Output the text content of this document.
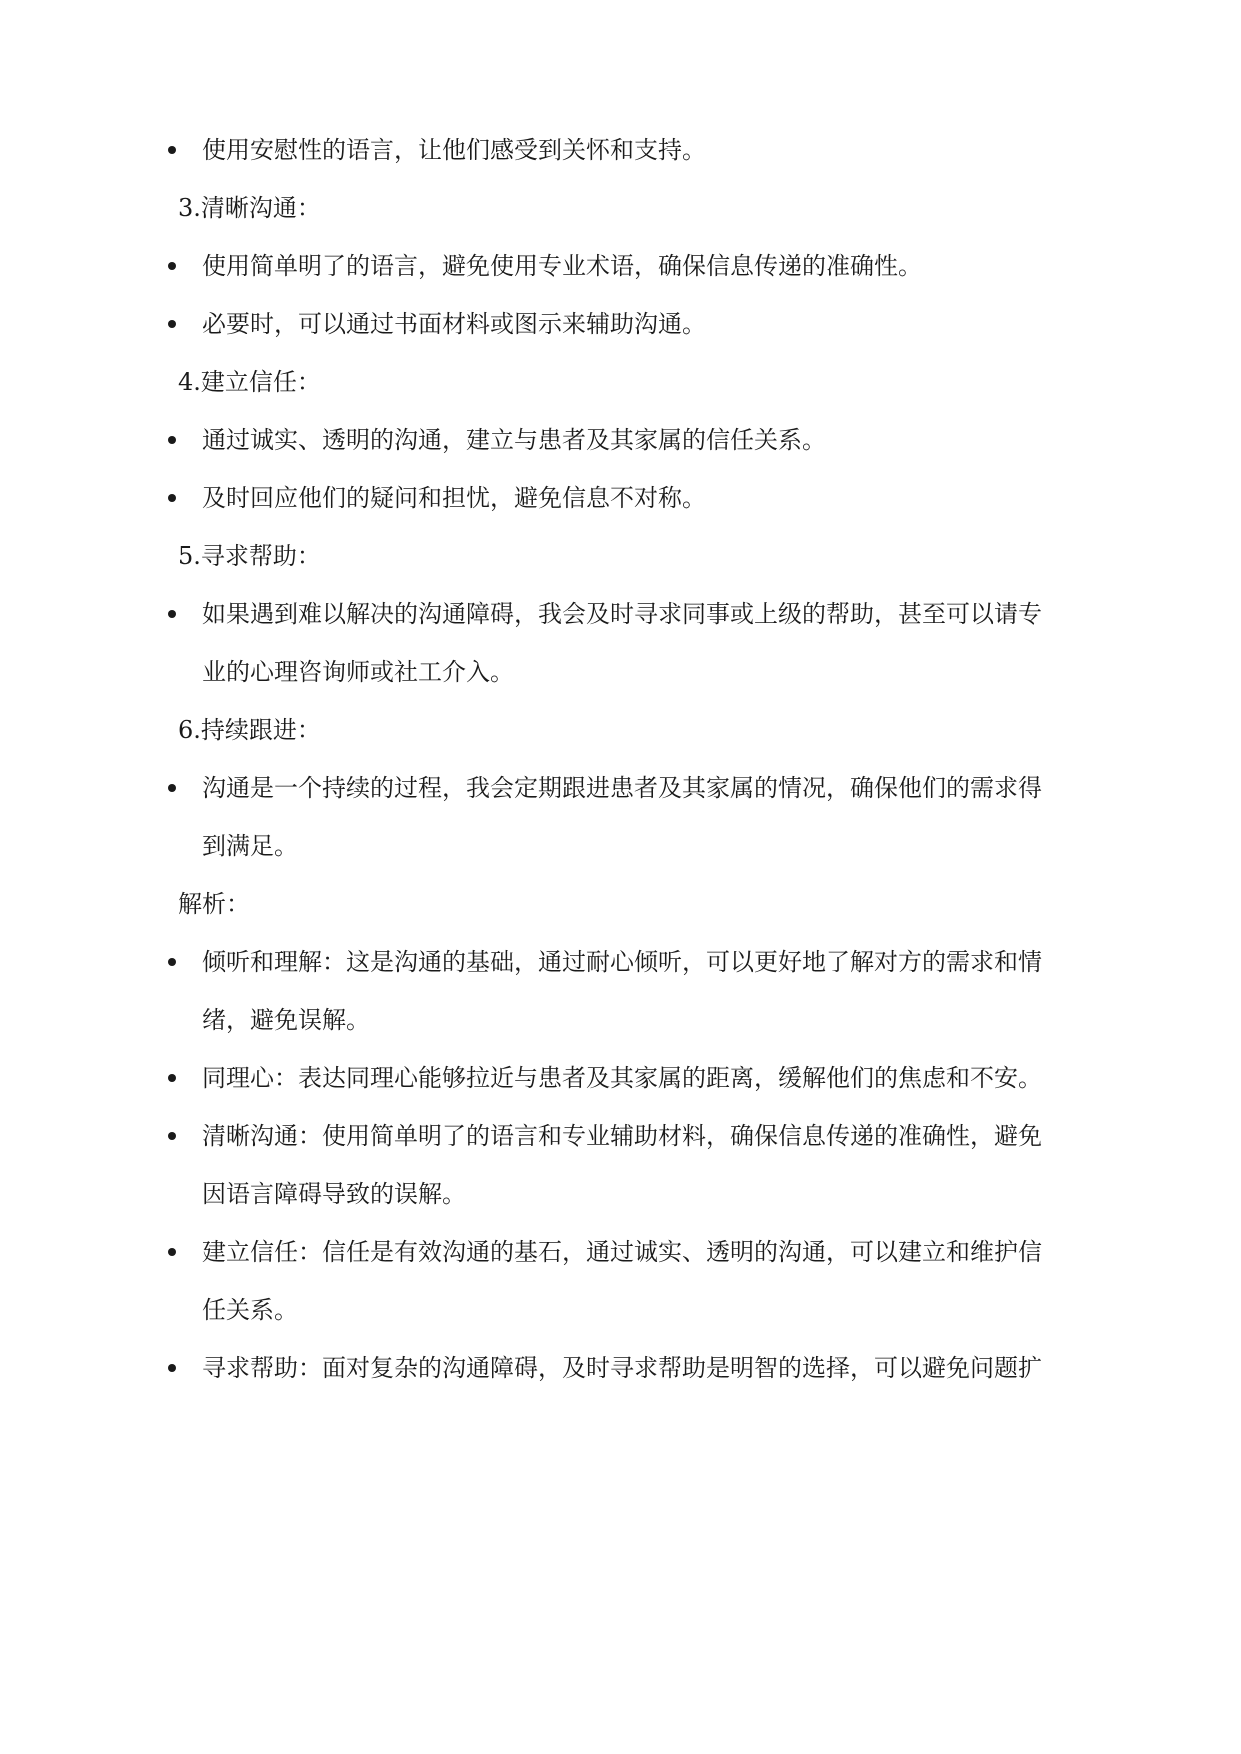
使用安慰性的语言，让他们感受到关怀和支持。
3.清晰沟通：
使用简单明了的语言，避免使用专业术语，确保信息传递的准确性。
必要时，可以通过书面材料或图示来辅助沟通。
4.建立信任：
通过诚实、透明的沟通，建立与患者及其家属的信任关系。
及时回应他们的疑问和担忧，避免信息不对称。
5.寻求帮助：
如果遇到难以解决的沟通障碍，我会及时寻求同事或上级的帮助，甚至可以请专
业的心理咨询师或社工介入。
6.持续跟进：
沟通是一个持续的过程，我会定期跟进患者及其家属的情况，确保他们的需求得
到满足。
解析：
倾听和理解：这是沟通的基础，通过耐心倾听，可以更好地了解对方的需求和情
绪，避免误解。
同理心：表达同理心能够拉近与患者及其家属的距离，缓解他们的焦虑和不安。
清晰沟通：使用简单明了的语言和专业辅助材料，确保信息传递的准确性，避免
因语言障碍导致的误解。
建立信任：信任是有效沟通的基石，通过诚实、透明的沟通，可以建立和维护信
任关系。
寻求帮助：面对复杂的沟通障碍，及时寻求帮助是明智的选择，可以避免问题扩
